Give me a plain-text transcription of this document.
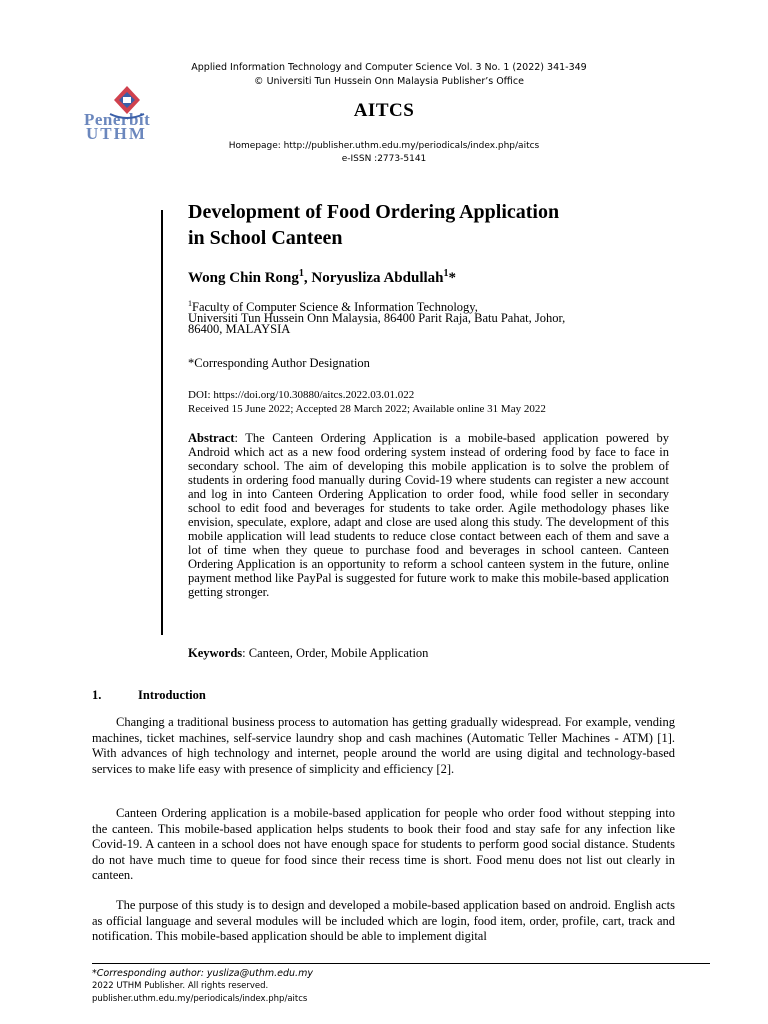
Applied Information Technology and Computer Science Vol. 3 No. 1 (2022) 341-349
© Universiti Tun Hussein Onn Malaysia Publisher’s Office
Penerbit
UTHM
AITCS
Homepage: http://publisher.uthm.edu.my/periodicals/index.php/aitcs
e-ISSN :2773-5141
Development of Food Ordering Application
in School Canteen
Wong Chin Rong$^1$, Noryusliza Abdullah$^1$*
$^1$Faculty of Computer Science & Information Technology,
Universiti Tun Hussein Onn Malaysia, 86400 Parit Raja, Batu Pahat, Johor,
86400, MALAYSIA
*Corresponding Author Designation
DOI: https://doi.org/10.30880/aitcs.2022.03.01.022
Received 15 June 2022; Accepted 28 March 2022; Available online 31 May 2022
Abstract: The Canteen Ordering Application is a mobile-based application powered by Android which act as a new food ordering system instead of ordering food by face to face in secondary school. The aim of developing this mobile application is to solve the problem of students in ordering food manually during Covid-19 where students can register a new account and log in into Canteen Ordering Application to order food, while food seller in secondary school to edit food and beverages for students to take order. Agile methodology phases like envision, speculate, explore, adapt and close are used along this study. The development of this mobile application will lead students to reduce close contact between each of them and save a lot of time when they queue to purchase food and beverages in school canteen. Canteen Ordering Application is an opportunity to reform a school canteen system in the future, online payment method like PayPal is suggested for future work to make this mobile-based application getting stronger.
Keywords: Canteen, Order, Mobile Application
1.	Introduction

Changing a traditional business process to automation has getting gradually widespread. For example, vending machines, ticket machines, self-service laundry shop and cash machines (Automatic Teller Machines - ATM) [1]. With advances of high technology and internet, people around the world are using digital and technology-based services to make life easy with presence of simplicity and efficiency [2].

Canteen Ordering application is a mobile-based application for people who order food without stepping into the canteen. This mobile-based application helps students to book their food and stay safe for any infection like Covid-19. A canteen in a school does not have enough space for students to perform good social distance. Students do not have much time to queue for food since their recess time is short. Food menu does not list out clearly in canteen.

The purpose of this study is to design and developed a mobile-based application based on android. English acts as official language and several modules will be included which are login, food item, order, profile, cart, track and notification. This mobile-based application should be able to implement digital

*Corresponding author: yusliza@uthm.edu.my
2022 UTHM Publisher. All rights reserved.
publisher.uthm.edu.my/periodicals/index.php/aitcs
